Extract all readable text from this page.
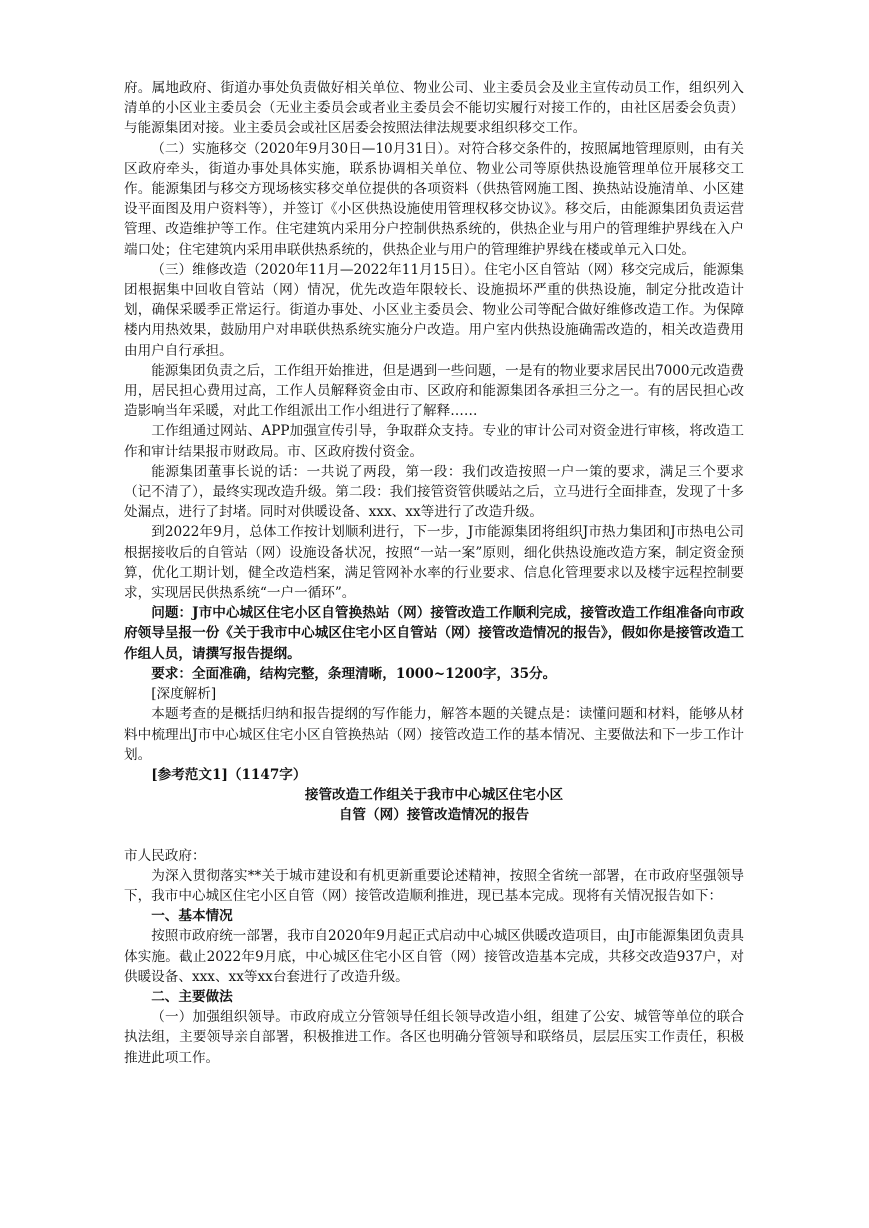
府。属地政府、街道办事处负责做好相关单位、物业公司、业主委员会及业主宣传动员工作，组织列入清单的小区业主委员会（无业主委员会或者业主委员会不能切实履行对接工作的，由社区居委会负责）与能源集团对接。业主委员会或社区居委会按照法律法规要求组织移交工作。

（二）实施移交（2020年9月30日—10月31日）。对符合移交条件的，按照属地管理原则，由有关区政府牵头，街道办事处具体实施，联系协调相关单位、物业公司等原供热设施管理单位开展移交工作。能源集团与移交方现场核实移交单位提供的各项资料（供热管网施工图、换热站设施清单、小区建设平面图及用户资料等），并签订《小区供热设施使用管理权移交协议》。移交后，由能源集团负责运营管理、改造维护等工作。住宅建筑内采用分户控制供热系统的，供热企业与用户的管理维护界线在入户端口处；住宅建筑内采用串联供热系统的，供热企业与用户的管理维护界线在楼或单元入口处。

（三）维修改造（2020年11月—2022年11月15日）。住宅小区自管站（网）移交完成后，能源集团根据集中回收自管站（网）情况，优先改造年限较长、设施损坏严重的供热设施，制定分批改造计划，确保采暖季正常运行。街道办事处、小区业主委员会、物业公司等配合做好维修改造工作。为保障楼内用热效果，鼓励用户对串联供热系统实施分户改造。用户室内供热设施确需改造的，相关改造费用由用户自行承担。

能源集团负责之后，工作组开始推进，但是遇到一些问题，一是有的物业要求居民出7000元改造费用，居民担心费用过高，工作人员解释资金由市、区政府和能源集团各承担三分之一。有的居民担心改造影响当年采暖，对此工作组派出工作小组进行了解释……

工作组通过网站、APP加强宣传引导，争取群众支持。专业的审计公司对资金进行审核，将改造工作和审计结果报市财政局。市、区政府拨付资金。

能源集团董事长说的话：一共说了两段，第一段：我们改造按照一户一策的要求，满足三个要求（记不清了），最终实现改造升级。第二段：我们接管资管供暖站之后，立马进行全面排查，发现了十多处漏点，进行了封堵。同时对供暖设备、xxx、xx等进行了改造升级。

到2022年9月，总体工作按计划顺利进行，下一步，J市能源集团将组织J市热力集团和J市热电公司根据接收后的自管站（网）设施设备状况，按照“一站一案”原则，细化供热设施改造方案，制定资金预算，优化工期计划，健全改造档案，满足管网补水率的行业要求、信息化管理要求以及楼宇远程控制要求，实现居民供热系统“一户一循环”。

问题：J市中心城区住宅小区自管换热站（网）接管改造工作顺利完成，接管改造工作组准备向市政府领导呈报一份《关于我市中心城区住宅小区自管站（网）接管改造情况的报告》，假如你是接管改造工作组人员，请撰写报告提纲。

要求：全面准确，结构完整，条理清晰，1000~1200字，35分。

[深度解析]

本题考查的是概括归纳和报告提纲的写作能力，解答本题的关键点是：读懂问题和材料，能够从材料中梳理出J市中心城区住宅小区自管换热站（网）接管改造工作的基本情况、主要做法和下一步工作计划。

[参考范文1]（1147字）

接管改造工作组关于我市中心城区住宅小区

自管（网）接管改造情况的报告

市人民政府：

为深入贯彻落实**关于城市建设和有机更新重要论述精神，按照全省统一部署，在市政府坚强领导下，我市中心城区住宅小区自管（网）接管改造顺利推进，现已基本完成。现将有关情况报告如下：

一、基本情况

按照市政府统一部署，我市自2020年9月起正式启动中心城区供暖改造项目，由J市能源集团负责具体实施。截止2022年9月底，中心城区住宅小区自管（网）接管改造基本完成，共移交改造937户，对供暖设备、xxx、xx等xx台套进行了改造升级。

二、主要做法

（一）加强组织领导。市政府成立分管领导任组长领导改造小组，组建了公安、城管等单位的联合执法组，主要领导亲自部署，积极推进工作。各区也明确分管领导和联络员，层层压实工作责任，积极推进此项工作。
